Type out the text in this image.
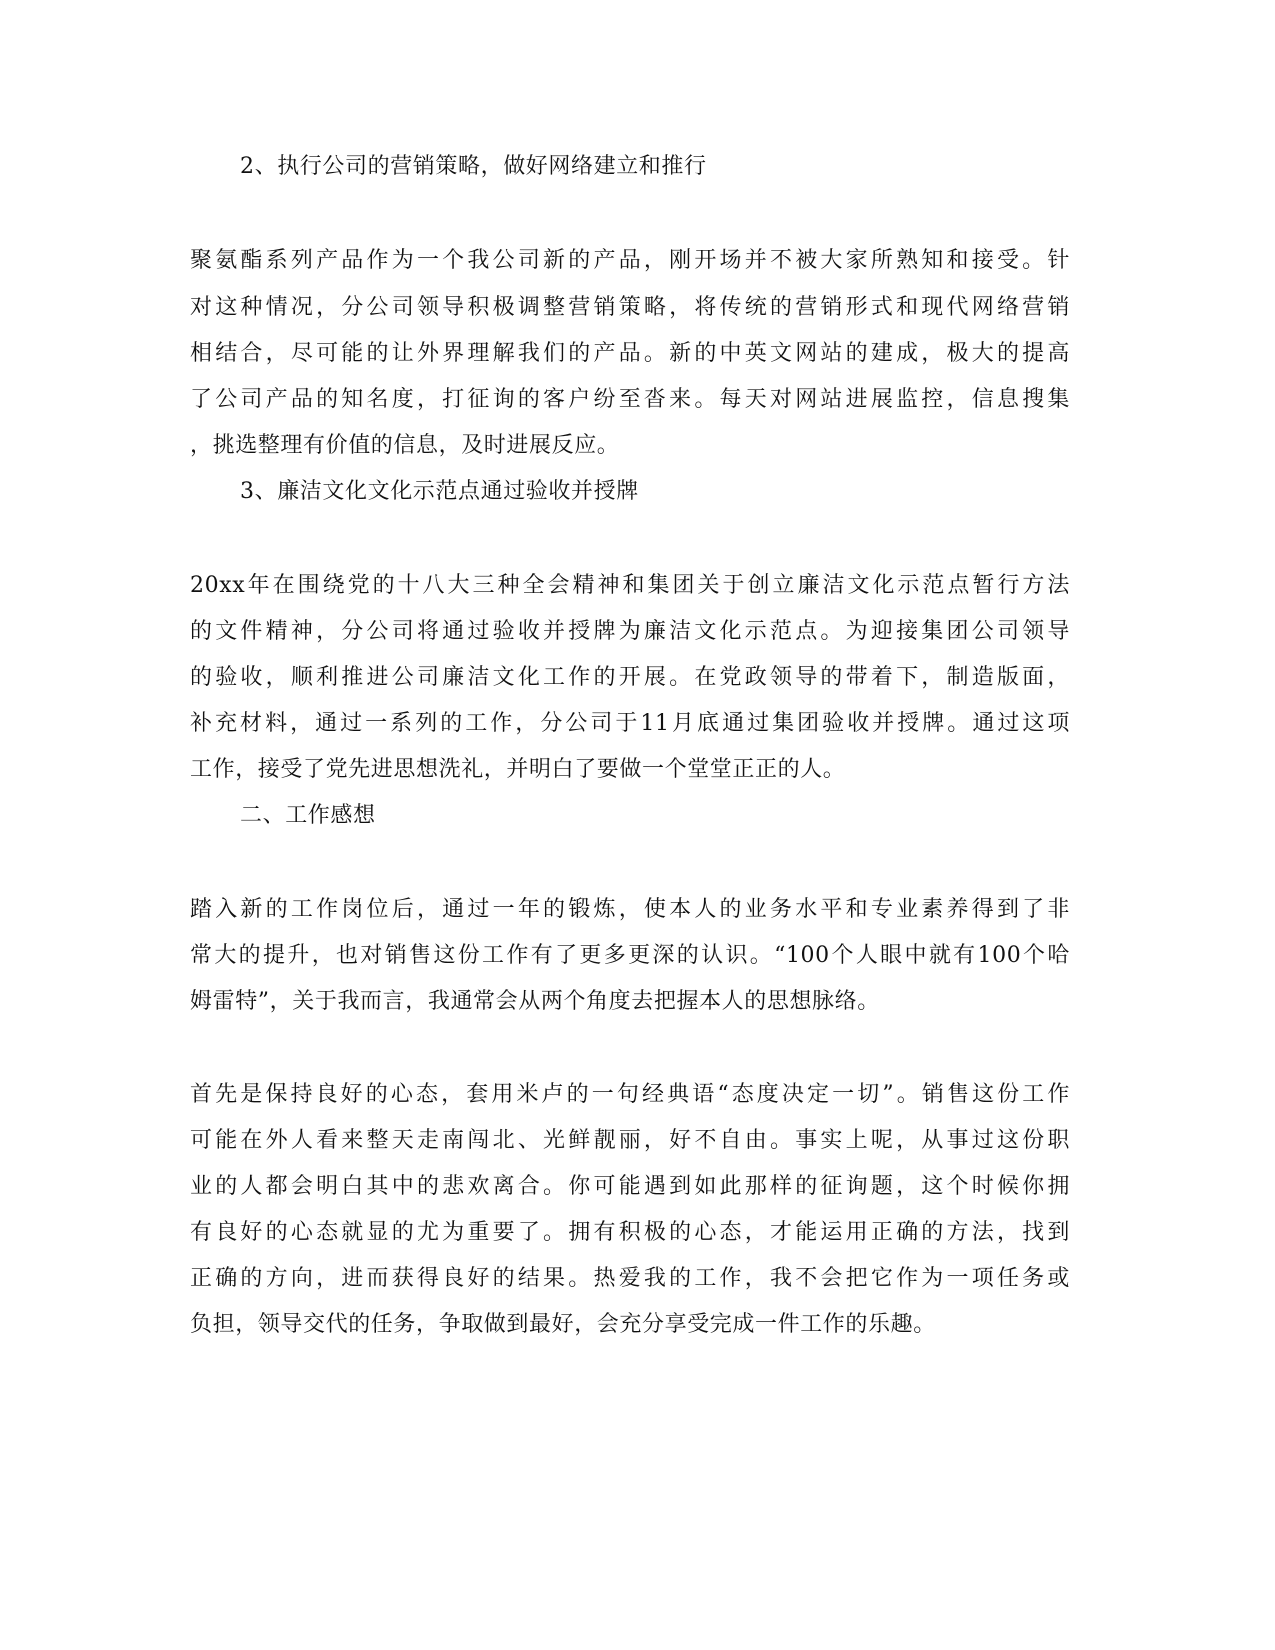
2、执行公司的营销策略，做好网络建立和推行
聚氨酯系列产品作为一个我公司新的产品，刚开场并不被大家所熟知和接受。针
对这种情况，分公司领导积极调整营销策略，将传统的营销形式和现代网络营销
相结合，尽可能的让外界理解我们的产品。新的中英文网站的建成，极大的提高
了公司产品的知名度，打征询的客户纷至沓来。每天对网站进展监控，信息搜集
，挑选整理有价值的信息，及时进展反应。
3、廉洁文化文化示范点通过验收并授牌
20xx年在围绕党的十八大三种全会精神和集团关于创立廉洁文化示范点暂行方法
的文件精神，分公司将通过验收并授牌为廉洁文化示范点。为迎接集团公司领导
的验收，顺利推进公司廉洁文化工作的开展。在党政领导的带着下，制造版面，
补充材料，通过一系列的工作，分公司于11月底通过集团验收并授牌。通过这项
工作，接受了党先进思想洗礼，并明白了要做一个堂堂正正的人。
二、工作感想
踏入新的工作岗位后，通过一年的锻炼，使本人的业务水平和专业素养得到了非
常大的提升，也对销售这份工作有了更多更深的认识。“100个人眼中就有100个哈
姆雷特”，关于我而言，我通常会从两个角度去把握本人的思想脉络。
首先是保持良好的心态，套用米卢的一句经典语“态度决定一切”。销售这份工作
可能在外人看来整天走南闯北、光鲜靓丽，好不自由。事实上呢，从事过这份职
业的人都会明白其中的悲欢离合。你可能遇到如此那样的征询题，这个时候你拥
有良好的心态就显的尤为重要了。拥有积极的心态，才能运用正确的方法，找到
正确的方向，进而获得良好的结果。热爱我的工作，我不会把它作为一项任务或
负担，领导交代的任务，争取做到最好，会充分享受完成一件工作的乐趣。
